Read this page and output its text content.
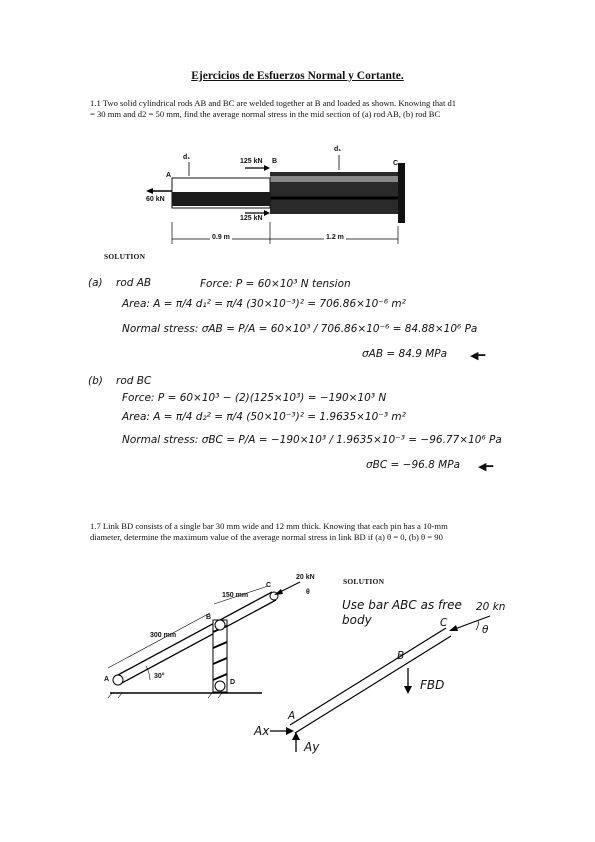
Ejercicios de Esfuerzos Normal y Cortante.
1.1 Two solid cylindrical rods AB and BC are welded together at B and loaded as shown. Knowing that d1 = 30 mm and d2 = 50 mm, find the average normal stress in the mid section of (a) rod AB, (b) rod BC
d₁
d₁
125 kN
125 kN
60 kN
A
B	C
0.9 m	1.2 m
SOLUTION
(a) rod AB	Force: P = 60×10³ N tension
Area: A = π/4 d₁² = π/4 (30×10⁻³)² = 706.86×10⁻⁶ m²
Normal stress: σAB = P/A = 60×10³ / 706.86×10⁻⁶ = 84.88×10⁶ Pa
σAB = 84.9 MPa ◀━
(b) rod BC
Force: P = 60×10³ − (2)(125×10³) = −190×10³ N
Area: A = π/4 d₂² = π/4 (50×10⁻³)² = 1.9635×10⁻³ m²
Normal stress: σBC = P/A = −190×10³ / 1.9635×10⁻³ = −96.77×10⁶ Pa
σBC = −96.8 MPa ◀━
1.7 Link BD consists of a single bar 30 mm wide and 12 mm thick. Knowing that each pin has a 10-mm diameter, determine the maximum value of the average normal stress in link BD if (a) θ = 0, (b) θ = 90
20 kN
150 mm
300 mm
30°
A
B
C
D
θ
SOLUTION
Use bar ABC as free body
20 kn
θ
C
B
A
FBD
Ax
Ay
